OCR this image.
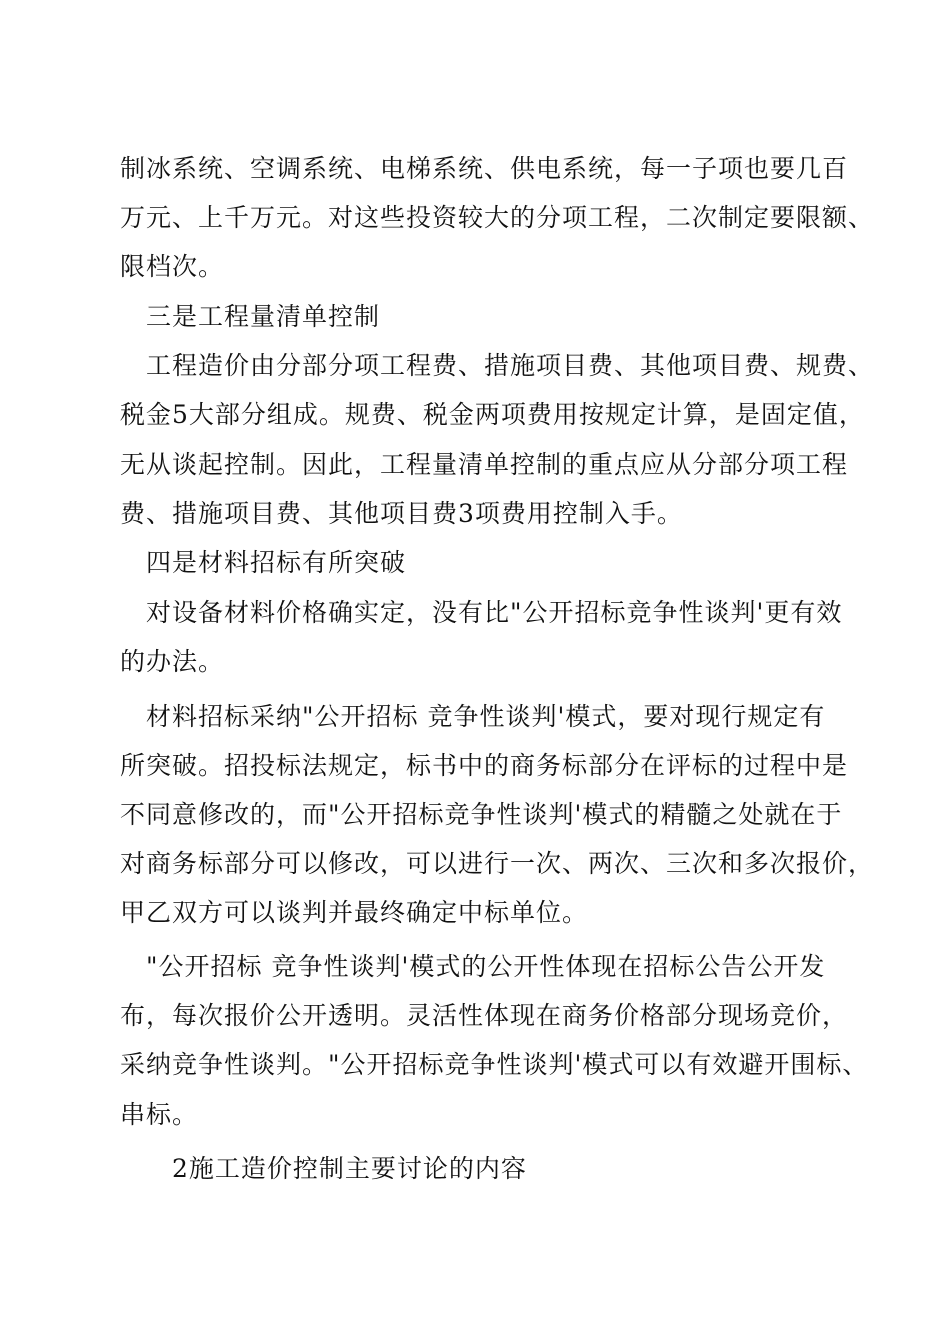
制冰系统、空调系统、电梯系统、供电系统，每一子项也要几百
万元、上千万元。对这些投资较大的分项工程，二次制定要限额、
限档次。
三是工程量清单控制
工程造价由分部分项工程费、措施项目费、其他项目费、规费、
税金5大部分组成。规费、税金两项费用按规定计算，是固定值，
无从谈起控制。因此，工程量清单控制的重点应从分部分项工程
费、措施项目费、其他项目费3项费用控制入手。
四是材料招标有所突破
对设备材料价格确实定，没有比"公开招标竞争性谈判'更有效
的办法。
材料招标采纳"公开招标 竞争性谈判'模式，要对现行规定有
所突破。招投标法规定，标书中的商务标部分在评标的过程中是
不同意修改的，而"公开招标竞争性谈判'模式的精髓之处就在于
对商务标部分可以修改，可以进行一次、两次、三次和多次报价，
甲乙双方可以谈判并最终确定中标单位。
"公开招标 竞争性谈判'模式的公开性体现在招标公告公开发
布，每次报价公开透明。灵活性体现在商务价格部分现场竞价，
采纳竞争性谈判。"公开招标竞争性谈判'模式可以有效避开围标、
串标。
2施工造价控制主要讨论的内容
